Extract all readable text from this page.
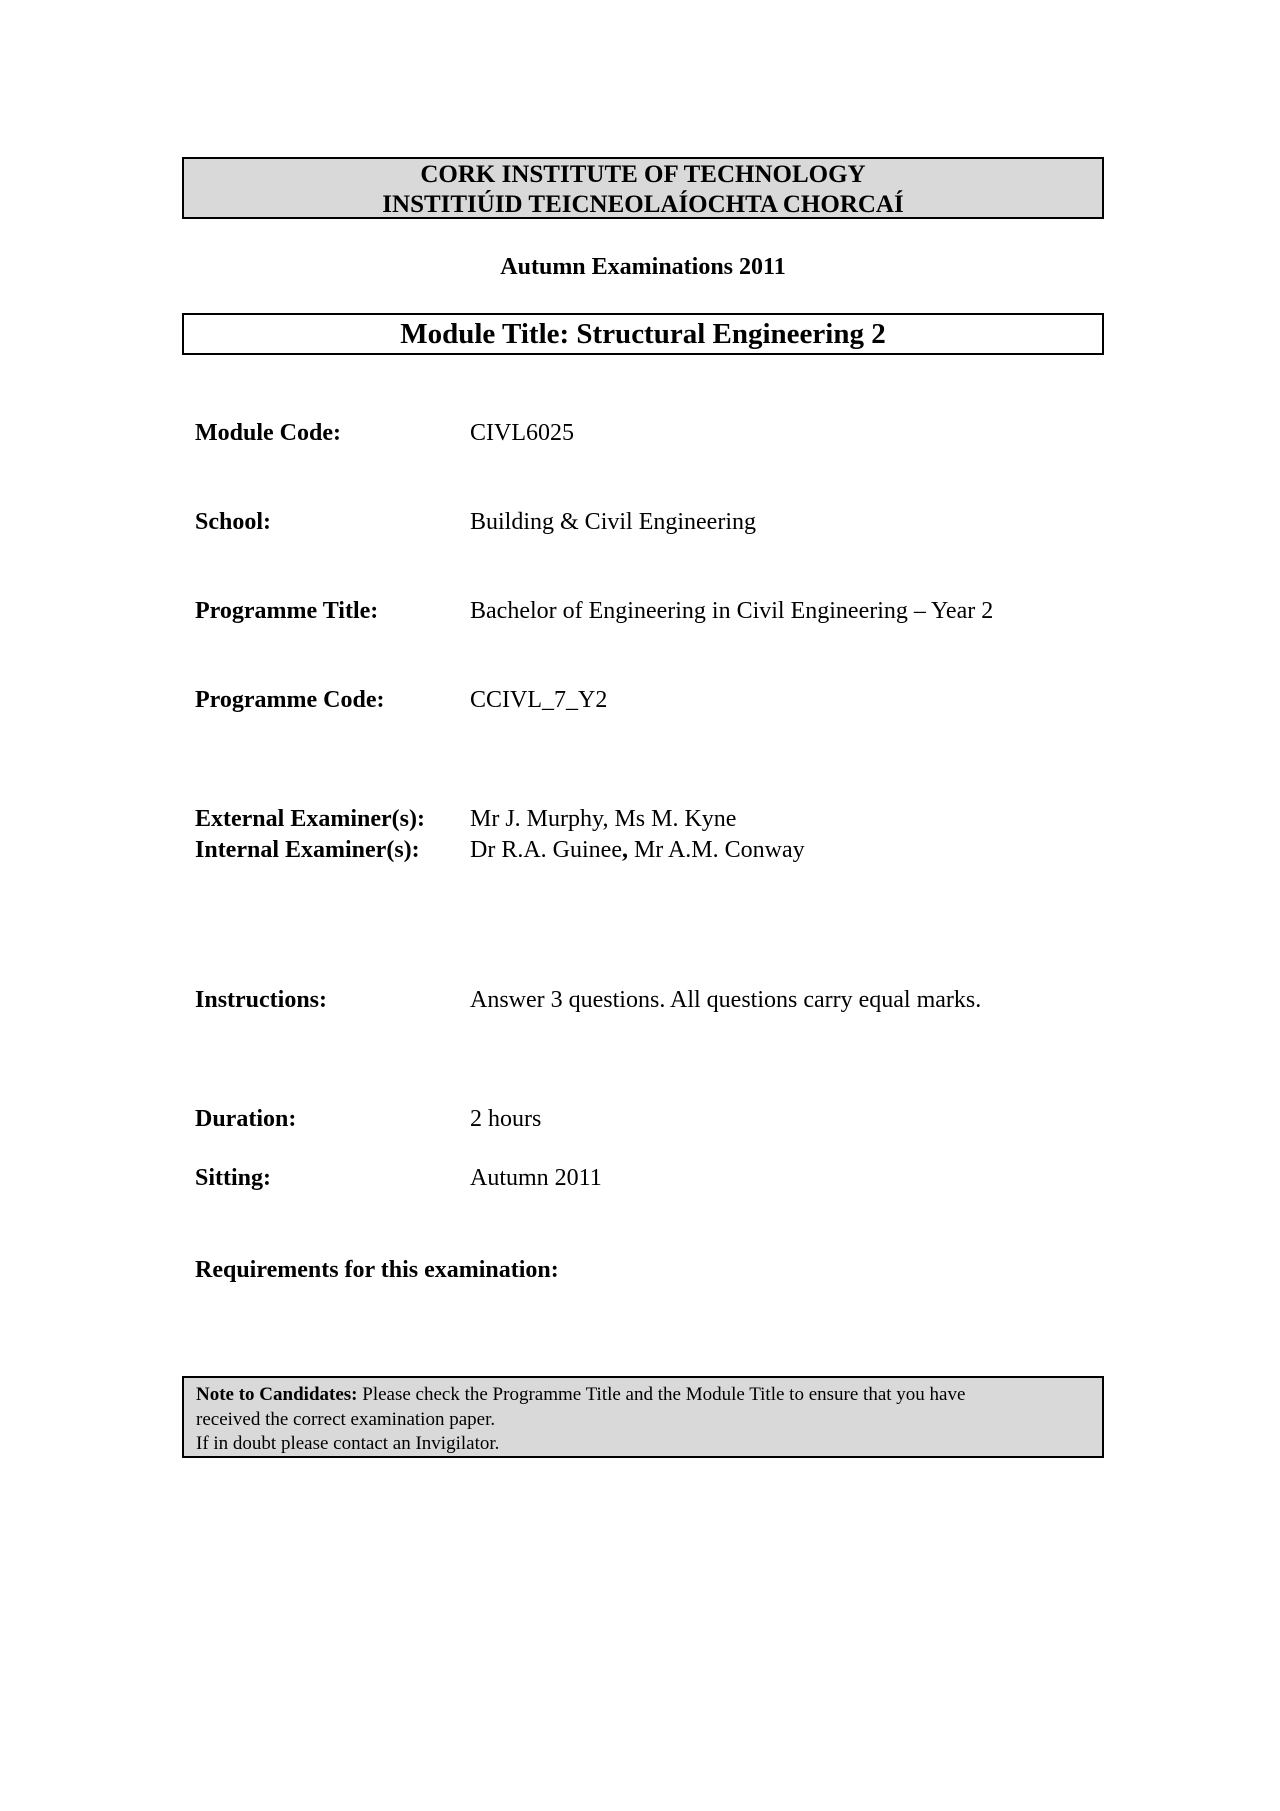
CORK INSTITUTE OF TECHNOLOGY
INSTITIÚID TEICNEOLAÍOCHTA CHORCAÍ
Autumn Examinations 2011
Module Title: Structural Engineering 2
Module Code:	CIVL6025
School:	Building & Civil Engineering
Programme Title:	Bachelor of Engineering in Civil Engineering – Year 2
Programme Code:	CCIVL_7_Y2
External Examiner(s): Mr J. Murphy, Ms M. Kyne
Internal Examiner(s): Dr R.A. Guinee, Mr A.M. Conway
Instructions:	Answer 3 questions. All questions carry equal marks.
Duration:	2 hours
Sitting:	Autumn 2011
Requirements for this examination:
Note to Candidates: Please check the Programme Title and the Module Title to ensure that you have
received the correct examination paper.
If in doubt please contact an Invigilator.
